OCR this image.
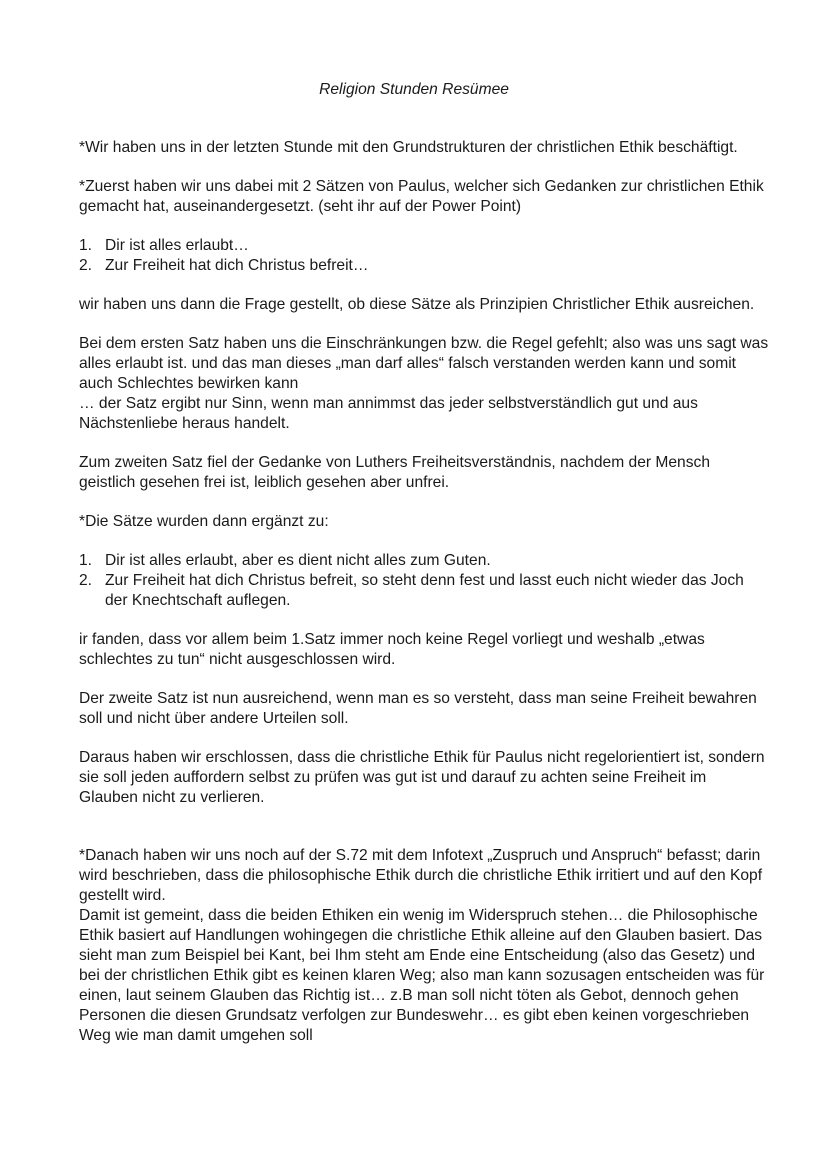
Religion Stunden Resümee

*Wir haben uns in der letzten Stunde mit den Grundstrukturen der christlichen Ethik beschäftigt.

*Zuerst haben wir uns dabei mit 2 Sätzen von Paulus, welcher sich Gedanken zur christlichen Ethik gemacht hat, auseinandergesetzt. (seht ihr auf der Power Point)

1. Dir ist alles erlaubt…
2. Zur Freiheit hat dich Christus befreit…

wir haben uns dann die Frage gestellt, ob diese Sätze als Prinzipien Christlicher Ethik ausreichen.

Bei dem ersten Satz haben uns die Einschränkungen bzw. die Regel gefehlt; also was uns sagt was alles erlaubt ist. und das man dieses „man darf alles“ falsch verstanden werden kann und somit auch Schlechtes bewirken kann
… der Satz ergibt nur Sinn, wenn man annimmst das jeder selbstverständlich gut und aus Nächstenliebe heraus handelt.

Zum zweiten Satz fiel der Gedanke von Luthers Freiheitsverständnis, nachdem der Mensch geistlich gesehen frei ist, leiblich gesehen aber unfrei.

*Die Sätze wurden dann ergänzt zu:

1. Dir ist alles erlaubt, aber es dient nicht alles zum Guten.
2. Zur Freiheit hat dich Christus befreit, so steht denn fest und lasst euch nicht wieder das Joch der Knechtschaft auflegen.

ir fanden, dass vor allem beim 1.Satz immer noch keine Regel vorliegt und weshalb „etwas schlechtes zu tun“ nicht ausgeschlossen wird.

Der zweite Satz ist nun ausreichend, wenn man es so versteht, dass man seine Freiheit bewahren soll und nicht über andere Urteilen soll.

Daraus haben wir erschlossen, dass die christliche Ethik für Paulus nicht regelorientiert ist, sondern sie soll jeden auffordern selbst zu prüfen was gut ist und darauf zu achten seine Freiheit im Glauben nicht zu verlieren.

*Danach haben wir uns noch auf der S.72 mit dem Infotext „Zuspruch und Anspruch“ befasst; darin wird beschrieben, dass die philosophische Ethik durch die christliche Ethik irritiert und auf den Kopf gestellt wird.
Damit ist gemeint, dass die beiden Ethiken ein wenig im Widerspruch stehen… die Philosophische Ethik basiert auf Handlungen wohingegen die christliche Ethik alleine auf den Glauben basiert. Das sieht man zum Beispiel bei Kant, bei Ihm steht am Ende eine Entscheidung (also das Gesetz) und bei der christlichen Ethik gibt es keinen klaren Weg; also man kann sozusagen entscheiden was für einen, laut seinem Glauben das Richtig ist… z.B man soll nicht töten als Gebot, dennoch gehen Personen die diesen Grundsatz verfolgen zur Bundeswehr… es gibt eben keinen vorgeschrieben Weg wie man damit umgehen soll
